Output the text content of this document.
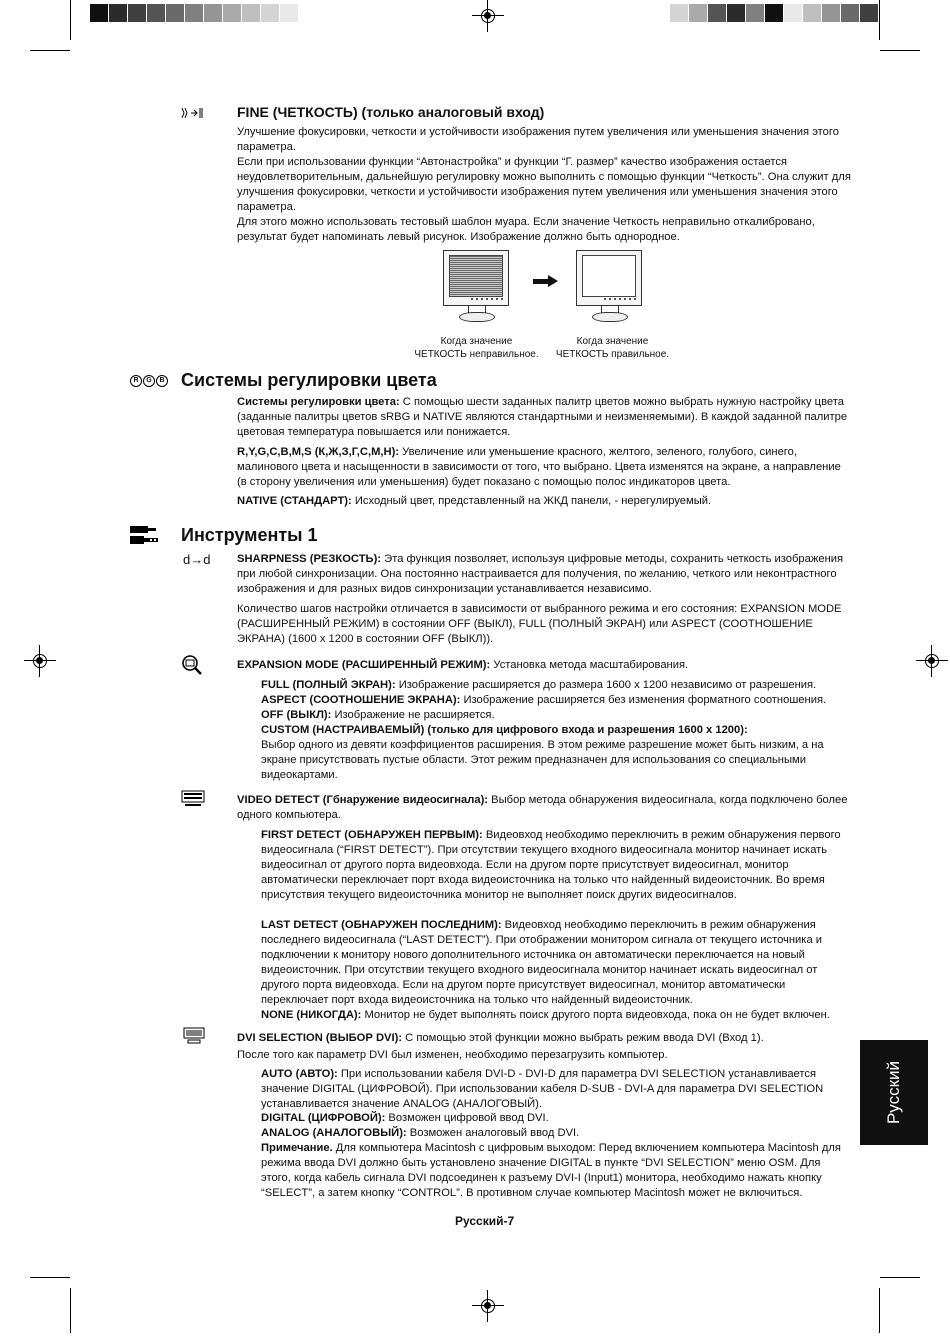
FINE (ЧЕТКОСТЬ) (только аналоговый вход)

Улучшение фокусировки, четкости и устойчивости изображения путем увеличения или уменьшения значения этого параметра.

Если при использовании функции “Автонастройка” и функции “Г. размер” качество изображения остается неудовлетворительным, дальнейшую регулировку можно выполнить с помощью функции “Четкость”. Она служит для улучшения фокусировки, четкости и устойчивости изображения путем увеличения или уменьшения значения этого параметра.

Для этого можно использовать тестовый шаблон муара. Если значение Четкость неправильно откалибровано, результат будет напоминать левый рисунок. Изображение должно быть однородное.

Когда значение
ЧЕТКОСТЬ неправильное.
Когда значение
ЧЕТКОСТЬ правильное.
R	G	B Системы регулировки цвета

Системы регулировки цвета: С помощью шести заданных палитр цветов можно выбрать нужную настройку цвета (заданные палитры цветов sRBG и NATIVE являются стандартными и неизменяемыми). В каждой заданной палитре цветовая температура повышается или понижается.

R,Y,G,C,B,M,S (К,Ж,З,Г,С,М,Н): Увеличение или уменьшение красного, желтого, зеленого, голубого, синего, малинового цвета и насыщенности в зависимости от того, что выбрано. Цвета изменятся на экране, а направление (в сторону увеличения или уменьшения) будет показано с помощью полос индикаторов цвета.

NATIVE (СТАНДАРТ): Исходный цвет, представленный на ЖКД панели, - нерегулируемый.

Инструменты 1
d→d SHARPNESS (РЕЗКОСТЬ): Эта функция позволяет, используя цифровые методы, сохранить четкость изображения при любой синхронизации. Она постоянно настраивается для получения, по желанию, четкого или неконтрастного изображения и для разных видов синхронизации устанавливается независимо.

Количество шагов настройки отличается в зависимости от выбранного режима и его состояния: EXPANSION MODE (РАСШИРЕННЫЙ РЕЖИМ) в состоянии OFF (ВЫКЛ), FULL (ПОЛНЫЙ ЭКРАН) или ASPECT (СООТНОШЕНИЕ ЭКРАНА) (1600 x 1200 в состоянии OFF (ВЫКЛ)).

EXPANSION MODE (РАСШИРЕННЫЙ РЕЖИМ): Установка метода масштабирования.

FULL (ПОЛНЫЙ ЭКРАН): Изображение расширяется до размера 1600 x 1200 независимо от разрешения.

ASPECT (СООТНОШЕНИЕ ЭКРАНА): Изображение расширяется без изменения форматного соотношения.

OFF (ВЫКЛ): Изображение не расширяется.

CUSTOM (НАСТРАИВАЕМЫЙ) (только для цифрового входа и разрешения 1600 x 1200):

Выбор одного из девяти коэффициентов расширения. В этом режиме разрешение может быть низким, а на экране присутствовать пустые области. Этот режим предназначен для использования со специальными видеокартами.

VIDEO DETECT (Гбнаружение видеосигнала): Выбор метода обнаружения видеосигнала, когда подключено более одного компьютера.

FIRST DETECT (ОБНАРУЖЕН ПЕРВЫМ): Видеовход необходимо переключить в режим обнаружения первого видеосигнала (“FIRST DETECT”). При отсутствии текущего входного видеосигнала монитор начинает искать видеосигнал от другого порта видеовхода. Если на другом порте присутствует видеосигнал, монитор автоматически переключает порт входа видеоисточника на только что найденный видеоисточник. Во время присутствия текущего видеоисточника монитор не выполняет поиск других видеосигналов.

LAST DETECT (ОБНАРУЖЕН ПОСЛЕДНИМ): Видеовход необходимо переключить в режим обнаружения последнего видеосигнала (“LAST DETECT”). При отображении монитором сигнала от текущего источника и подключении к монитору нового дополнительного источника он автоматически переключается на новый видеоисточник. При отсутствии текущего входного видеосигнала монитор начинает искать видеосигнал от другого порта видеовхода. Если на другом порте присутствует видеосигнал, монитор автоматически переключает порт входа видеоисточника на только что найденный видеоисточник.

NONE (НИКОГДА): Монитор не будет выполнять поиск другого порта видеовхода, пока он не будет включен.

DVI SELECTION (ВЫБОР DVI): С помощью этой функции можно выбрать режим ввода DVI (Вход 1).

После того как параметр DVI был изменен, необходимо перезагрузить компьютер.

AUTO (АВТО): При использовании кабеля DVI-D - DVI-D для параметра DVI SELECTION устанавливается значение DIGITAL (ЦИФРОВОЙ). При использовании кабеля D-SUB - DVI-A для параметра DVI SELECTION устанавливается значение ANALOG (АНАЛОГОВЫЙ).

DIGITAL (ЦИФРОВОЙ): Возможен цифровой ввод DVI.

ANALOG (АНАЛОГОВЫЙ): Возможен аналоговый ввод DVI.

Примечание. Для компьютера Macintosh с цифровым выходом: Перед включением компьютера Macintosh для режима ввода DVI должно быть установлено значение DIGITAL в пункте “DVI SELECTION” меню OSM. Для этого, когда кабель сигнала DVI подсоединен к разъему DVI-I (Input1) монитора, необходимо нажать кнопку “SELECT”, а затем кнопку “CONTROL”. В противном случае компьютер Macintosh может не включиться.

Русский-7
Русский
